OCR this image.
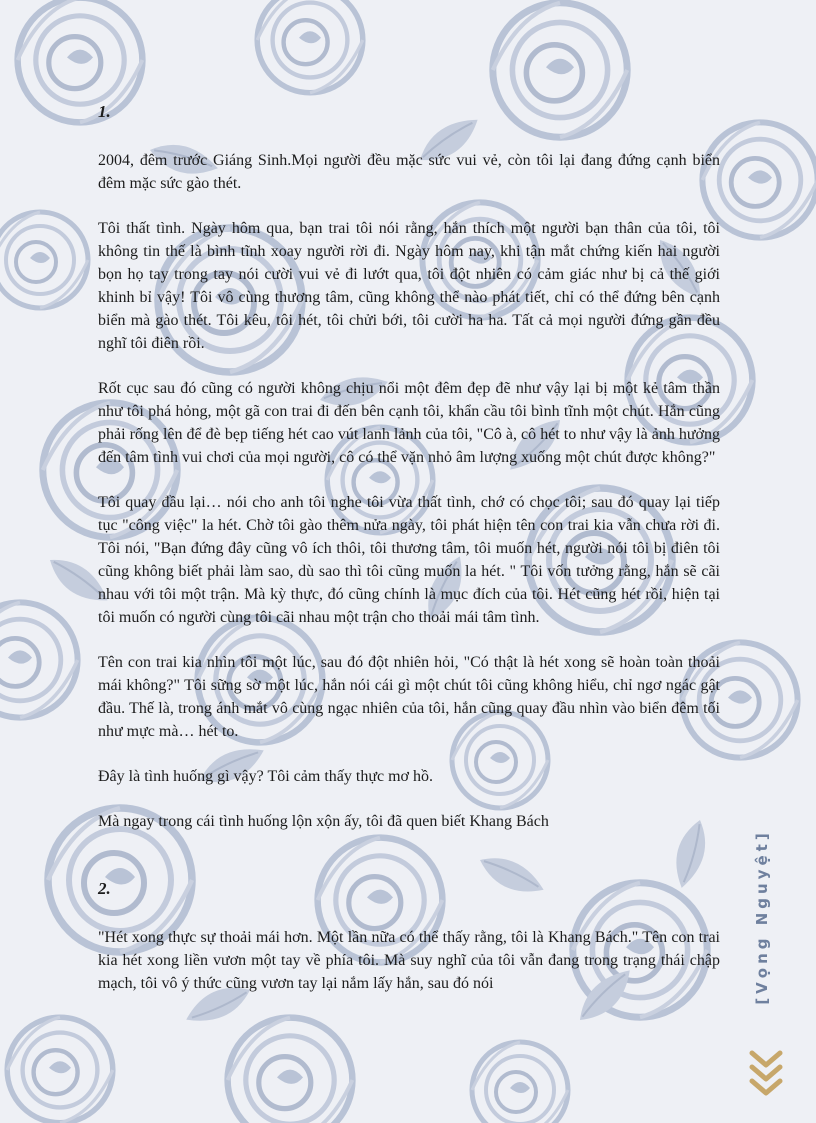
1.

2004, đêm trước Giáng Sinh.Mọi người đều mặc sức vui vẻ, còn tôi lại đang đứng cạnh biển đêm mặc sức gào thét.

Tôi thất tình. Ngày hôm qua, bạn trai tôi nói rằng, hắn thích một người bạn thân của tôi, tôi không tin thế là bình tĩnh xoay người rời đi. Ngày hôm nay, khi tận mắt chứng kiến hai người bọn họ tay trong tay nói cười vui vẻ đi lướt qua, tôi đột nhiên có cảm giác như bị cả thế giới khinh bỉ vậy! Tôi vô cùng thương tâm, cũng không thể nào phát tiết, chỉ có thể đứng bên cạnh biển mà gào thét. Tôi kêu, tôi hét, tôi chửi bới, tôi cười ha ha. Tất cả mọi người đứng gần đều nghĩ tôi điên rồi.

Rốt cục sau đó cũng có người không chịu nổi một đêm đẹp đẽ như vậy lại bị một kẻ tâm thần như tôi phá hỏng, một gã con trai đi đến bên cạnh tôi, khẩn cầu tôi bình tĩnh một chút. Hắn cũng phải rống lên để đè bẹp tiếng hét cao vút lanh lảnh của tôi, "Cô à, cô hét to như vậy là ảnh hưởng đến tâm tình vui chơi của mọi người, cô có thể vặn nhỏ âm lượng xuống một chút được không?"

Tôi quay đầu lại… nói cho anh tôi nghe tôi vừa thất tình, chớ có chọc tôi; sau đó quay lại tiếp tục "công việc" la hét. Chờ tôi gào thêm nửa ngày, tôi phát hiện tên con trai kia vẫn chưa rời đi. Tôi nói, "Bạn đứng đây cũng vô ích thôi, tôi thương tâm, tôi muốn hét, người nói tôi bị điên tôi cũng không biết phải làm sao, dù sao thì tôi cũng muốn la hét. " Tôi vốn tưởng rằng, hắn sẽ cãi nhau với tôi một trận. Mà kỳ thực, đó cũng chính là mục đích của tôi. Hét cũng hét rồi, hiện tại tôi muốn có người cùng tôi cãi nhau một trận cho thoải mái tâm tình.

Tên con trai kia nhìn tôi một lúc, sau đó đột nhiên hỏi, "Có thật là hét xong sẽ hoàn toàn thoải mái không?" Tôi sững sờ một lúc, hắn nói cái gì một chút tôi cũng không hiểu, chỉ ngơ ngác gật đầu. Thế là, trong ánh mắt vô cùng ngạc nhiên của tôi, hắn cũng quay đầu nhìn vào biển đêm tối như mực mà… hét to.

Đây là tình huống gì vậy? Tôi cảm thấy thực mơ hồ.

Mà ngay trong cái tình huống lộn xộn ấy, tôi đã quen biết Khang Bách

2.

"Hét xong thực sự thoải mái hơn. Một lần nữa có thể thấy rằng, tôi là Khang Bách." Tên con trai kia hét xong liền vươn một tay về phía tôi. Mà suy nghĩ của tôi vẫn đang trong trạng thái chập mạch, tôi vô ý thức cũng vươn tay lại nắm lấy hắn, sau đó nói	[Vọng Nguyệt]
